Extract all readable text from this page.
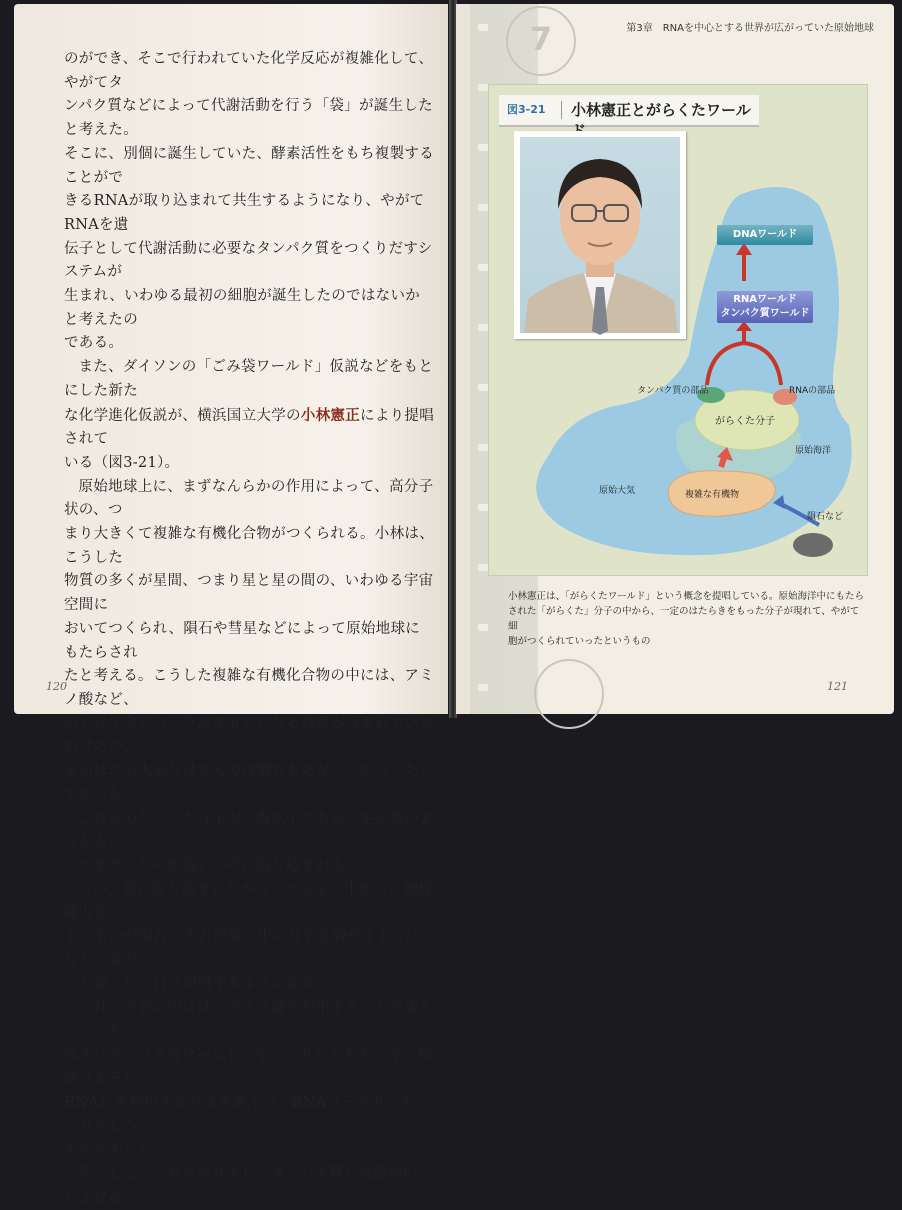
のができ、そこで行われていた化学反応が複雑化して、やがてタ
ンパク質などによって代謝活動を行う「袋」が誕生したと考えた。
そこに、別個に誕生していた、酵素活性をもち複製することがで
きるRNAが取り込まれて共生するようになり、やがてRNAを遺
伝子として代謝活動に必要なタンパク質をつくりだすシステムが
生まれ、いわゆる最初の細胞が誕生したのではないかと考えたの
である。

また、ダイソンの「ごみ袋ワールド」仮説などをもとにした新た
な化学進化仮説が、横浜国立大学の小林憲正により提唱されて
いる（図3-21）。

原始地球上に、まずなんらかの作用によって、高分子状の、つ
まり大きくて複雑な有機化合物がつくられる。小林は、こうした
物質の多くが星間、つまり星と星の間の、いわゆる宇宙空間に
おいてつくられ、隕石や彗星などによって原始地球にもたらされ
たと考える。こうした複雑な有機化合物の中には、アミノ酸など、
のちに生命をつくりだすもとになる物質が含まれているわけだが、
そのほかの大部分はなんの役割ももたない「がらくた」であった。

これらのがらくた分子が、海水中である一定の袋のようなもの
（つまりのちの細胞）の中に取り込まれる。

この、袋に取り込まれたがらくた分子の中から、触媒能力を
もつものが現れ、それが袋の中の分子を増やすようになり、袋が
「分裂」して自己増殖するようになる。

これらの袋の中には、アミノ酸を利用することを選んで、いわ
ゆる「タンパク質ワールド」をつくりだしたものや、核酸（おそらく
RNA）を利用する方法を選んで「RNAワールド」をつくりだした
ものがあった。

そうして、これらが共生し、タンパク質と核酸がいっしょにな

120
7	第3章　RNAを中心とする世界が広がっていた原始地球
図3-21 小林憲正とがらくたワール
DNAワールド
RNAワールド
タンパク質ワールド
タンパク質の部品	RNAの部品
がらくた分子
原始海洋
原始大気	複雑な有機物
隕石など
小林憲正は、「がらくたワールド」という概念を提唱している。原始海洋中にもたら
された「がらくた」分子の中から、一定のはたらきをもった分子が現れて、やがて細
胞がつくられていったというもの
121
